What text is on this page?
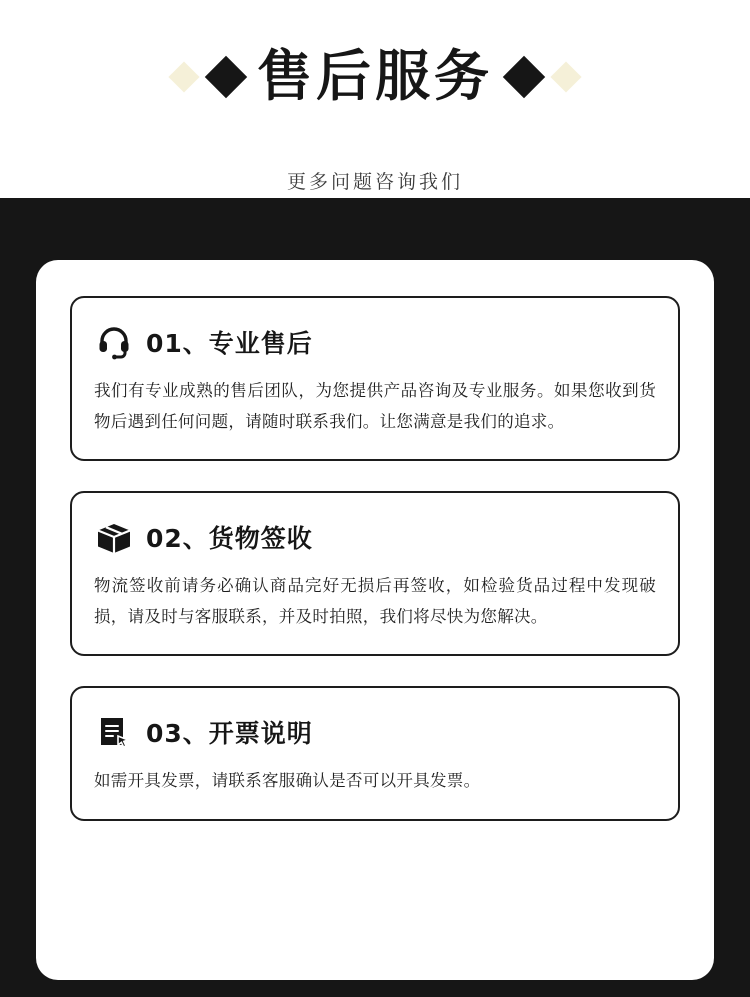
售后服务
更多问题咨询我们
01、专业售后
我们有专业成熟的售后团队，为您提供产品咨询及专业服务。如果您收到货物后遇到任何问题，请随时联系我们。让您满意是我们的追求。
02、货物签收
物流签收前请务必确认商品完好无损后再签收，如检验货品过程中发现破损，请及时与客服联系，并及时拍照，我们将尽快为您解决。
03、开票说明
如需开具发票，请联系客服确认是否可以开具发票。
